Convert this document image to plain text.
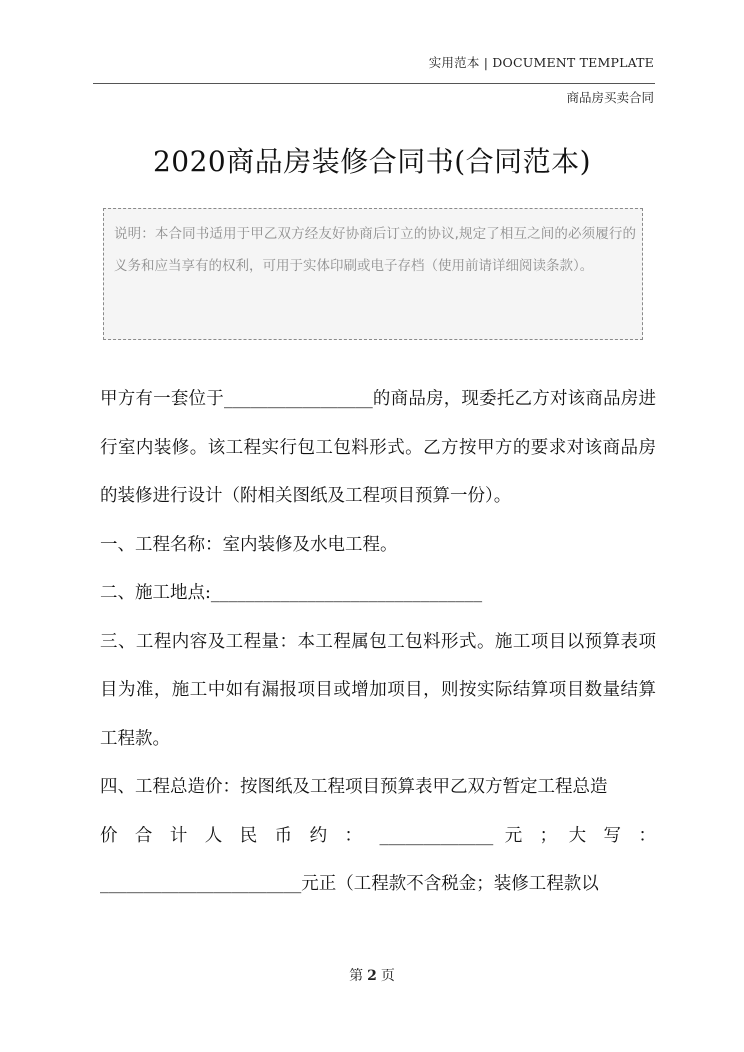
实用范本 | DOCUMENT TEMPLATE
商品房买卖合同
2020商品房装修合同书(合同范本)

说明：本合同书适用于甲乙双方经友好协商后订立的协议,规定了相互之间的必须履行的义务和应当享有的权利，可用于实体印刷或电子存档（使用前请详细阅读条款）。

甲方有一套位于_________________的商品房，现委托乙方对该商品房进行室内装修。该工程实行包工包料形式。乙方按甲方的要求对该商品房的装修进行设计（附相关图纸及工程项目预算一份）。

一、工程名称：室内装修及水电工程。

二、施工地点:_______________________________

三、工程内容及工程量：本工程属包工包料形式。施工项目以预算表项目为准，施工中如有漏报项目或增加项目，则按实际结算项目数量结算工程款。

四、工程总造价：按图纸及工程项目预算表甲乙双方暂定工程总造

价 合 计 人 民 币 约 ： _____________ 元 ； 大 写 ：

_______________________元正（工程款不含税金；装修工程款以

第 2 页
